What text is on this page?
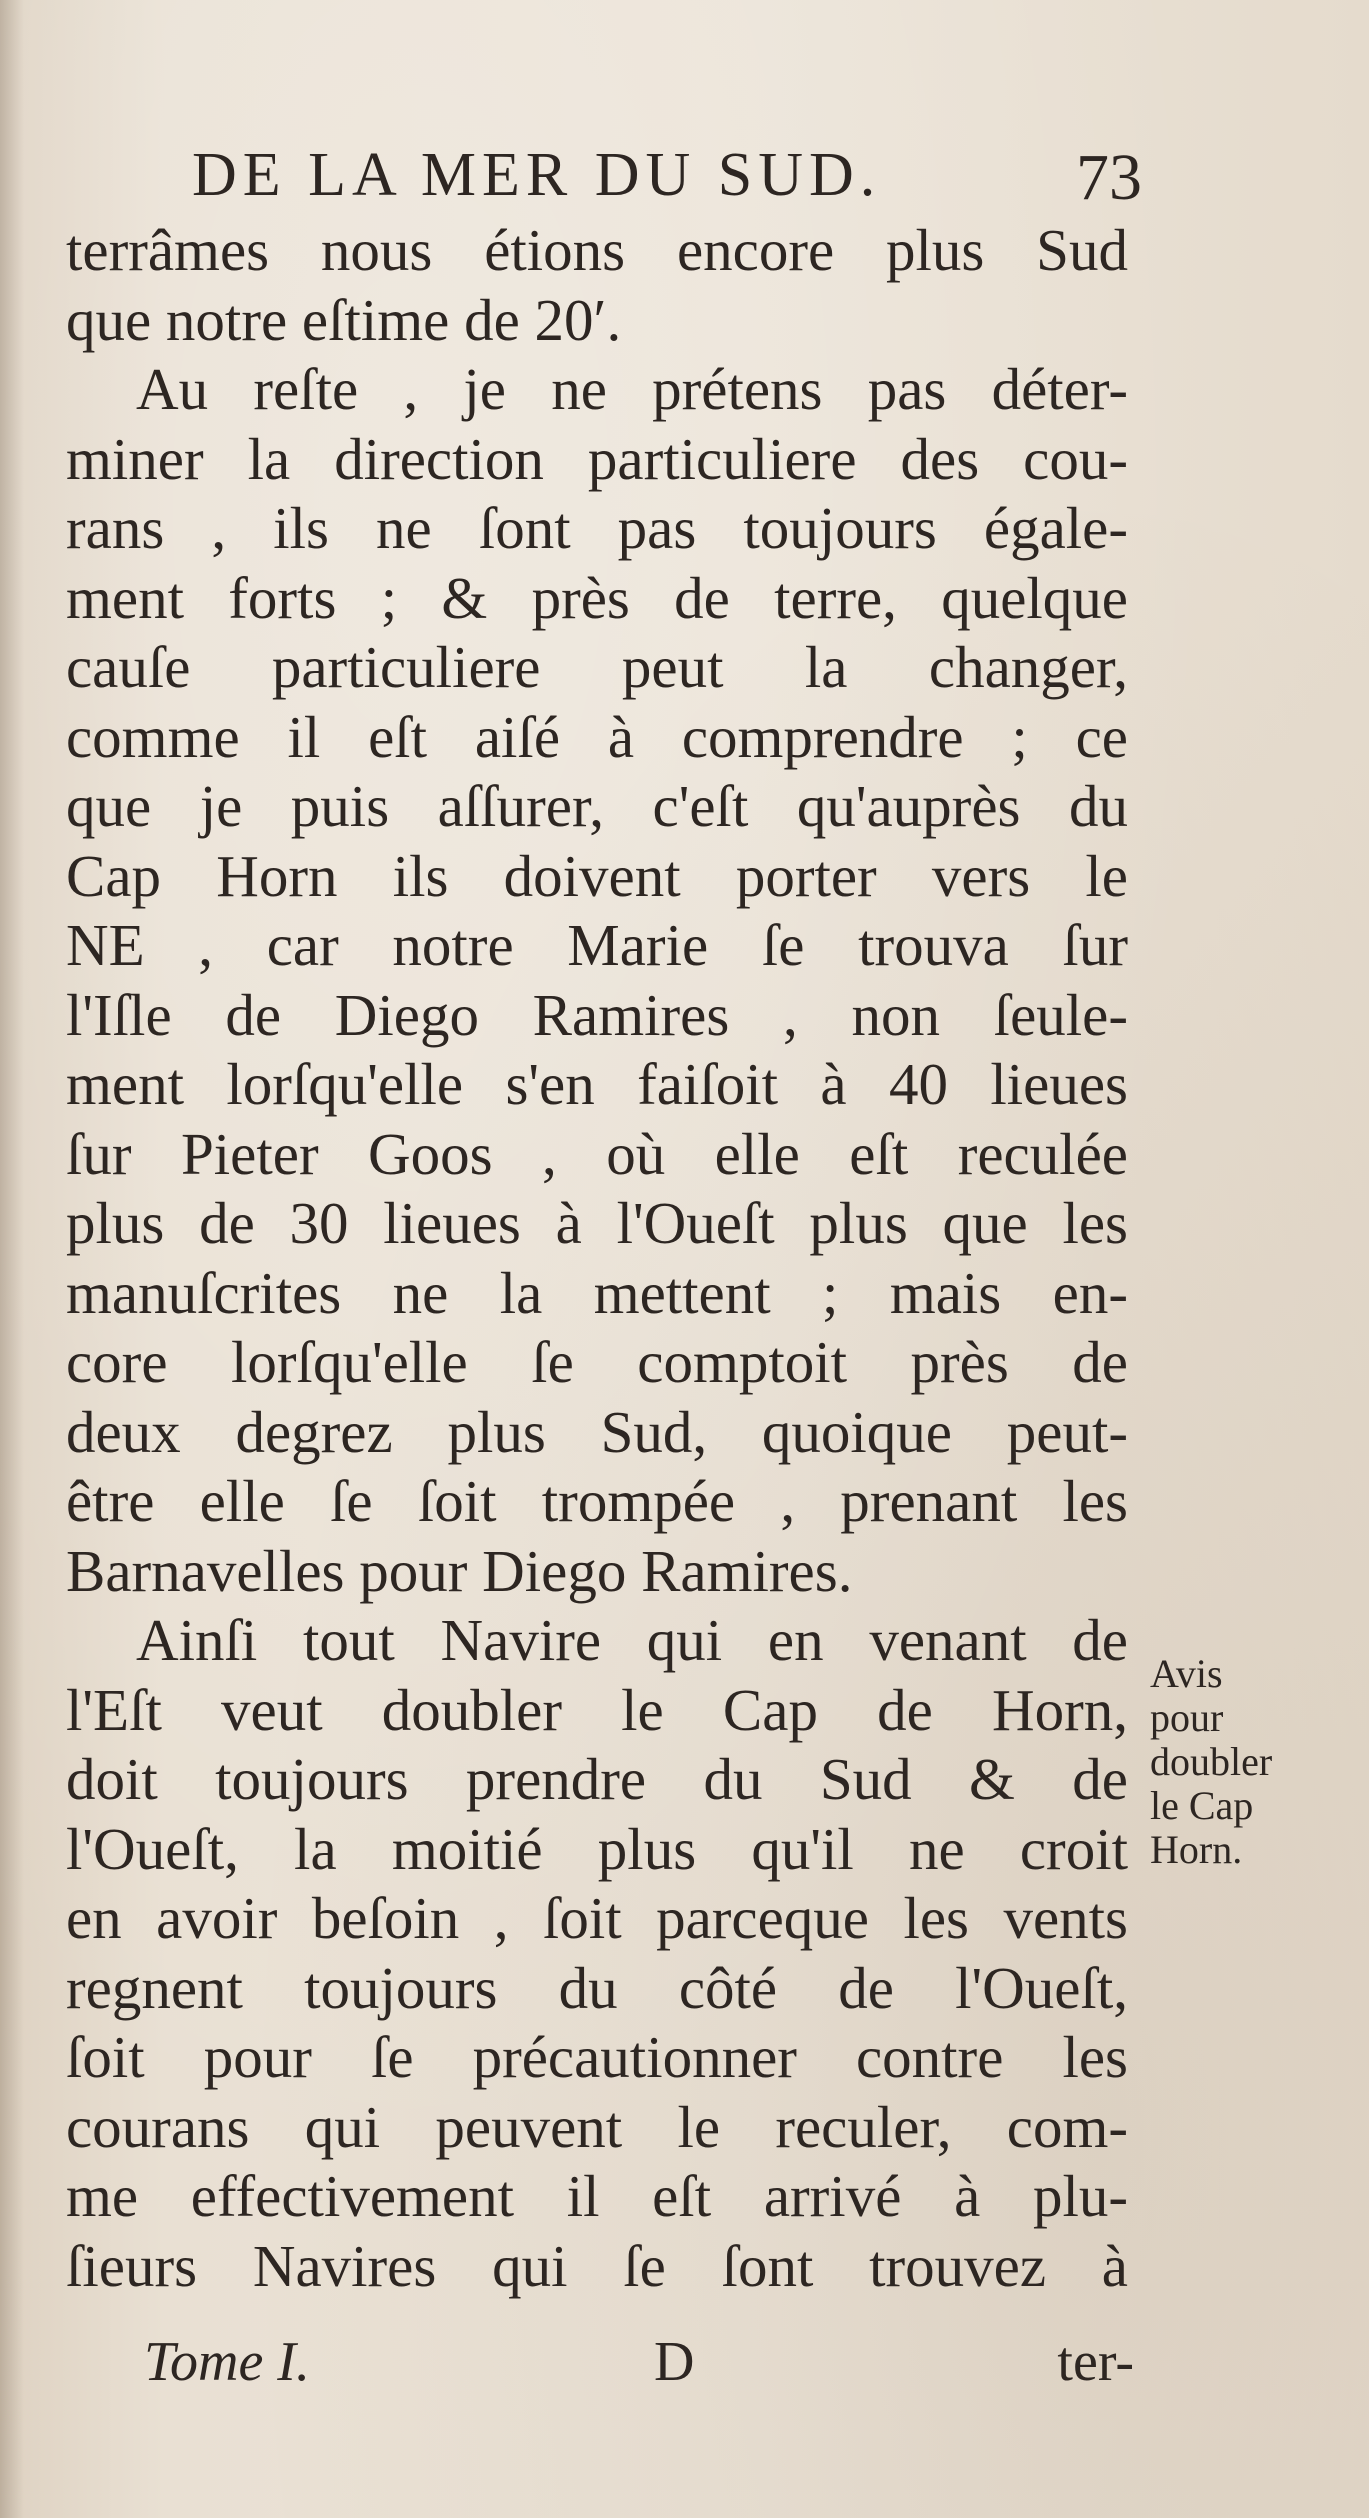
DE LA MER DU SUD.	73
terrâmes nous étions encore plus Sud
que notre eſtime de 20′.
Au reſte , je ne prétens pas déter-
miner la direction particuliere des cou-
rans , ils ne ſont pas toujours égale-
ment forts ; & près de terre, quelque
cauſe particuliere peut la changer,
comme il eſt aiſé à comprendre ; ce
que je puis aſſurer, c'eſt qu'auprès du
Cap Horn ils doivent porter vers le
NE , car notre Marie ſe trouva ſur
l'Iſle de Diego Ramires , non ſeule-
ment lorſqu'elle s'en faiſoit à 40 lieues
ſur Pieter Goos , où elle eſt reculée
plus de 30 lieues à l'Oueſt plus que les
manuſcrites ne la mettent ; mais en-
core lorſqu'elle ſe comptoit près de
deux degrez plus Sud, quoique peut-
être elle ſe ſoit trompée , prenant les
Barnavelles pour Diego Ramires.
Ainſi tout Navire qui en venant de
l'Eſt veut doubler le Cap de Horn,
doit toujours prendre du Sud & de
l'Oueſt, la moitié plus qu'il ne croit
en avoir beſoin , ſoit parceque les vents
regnent toujours du côté de l'Oueſt,
ſoit pour ſe précautionner contre les
courans qui peuvent le reculer, com-
me effectivement il eſt arrivé à plu-
ſieurs Navires qui ſe ſont trouvez à
Avis
pour
doubler
le Cap
Horn.
Tome I.	D	ter-
